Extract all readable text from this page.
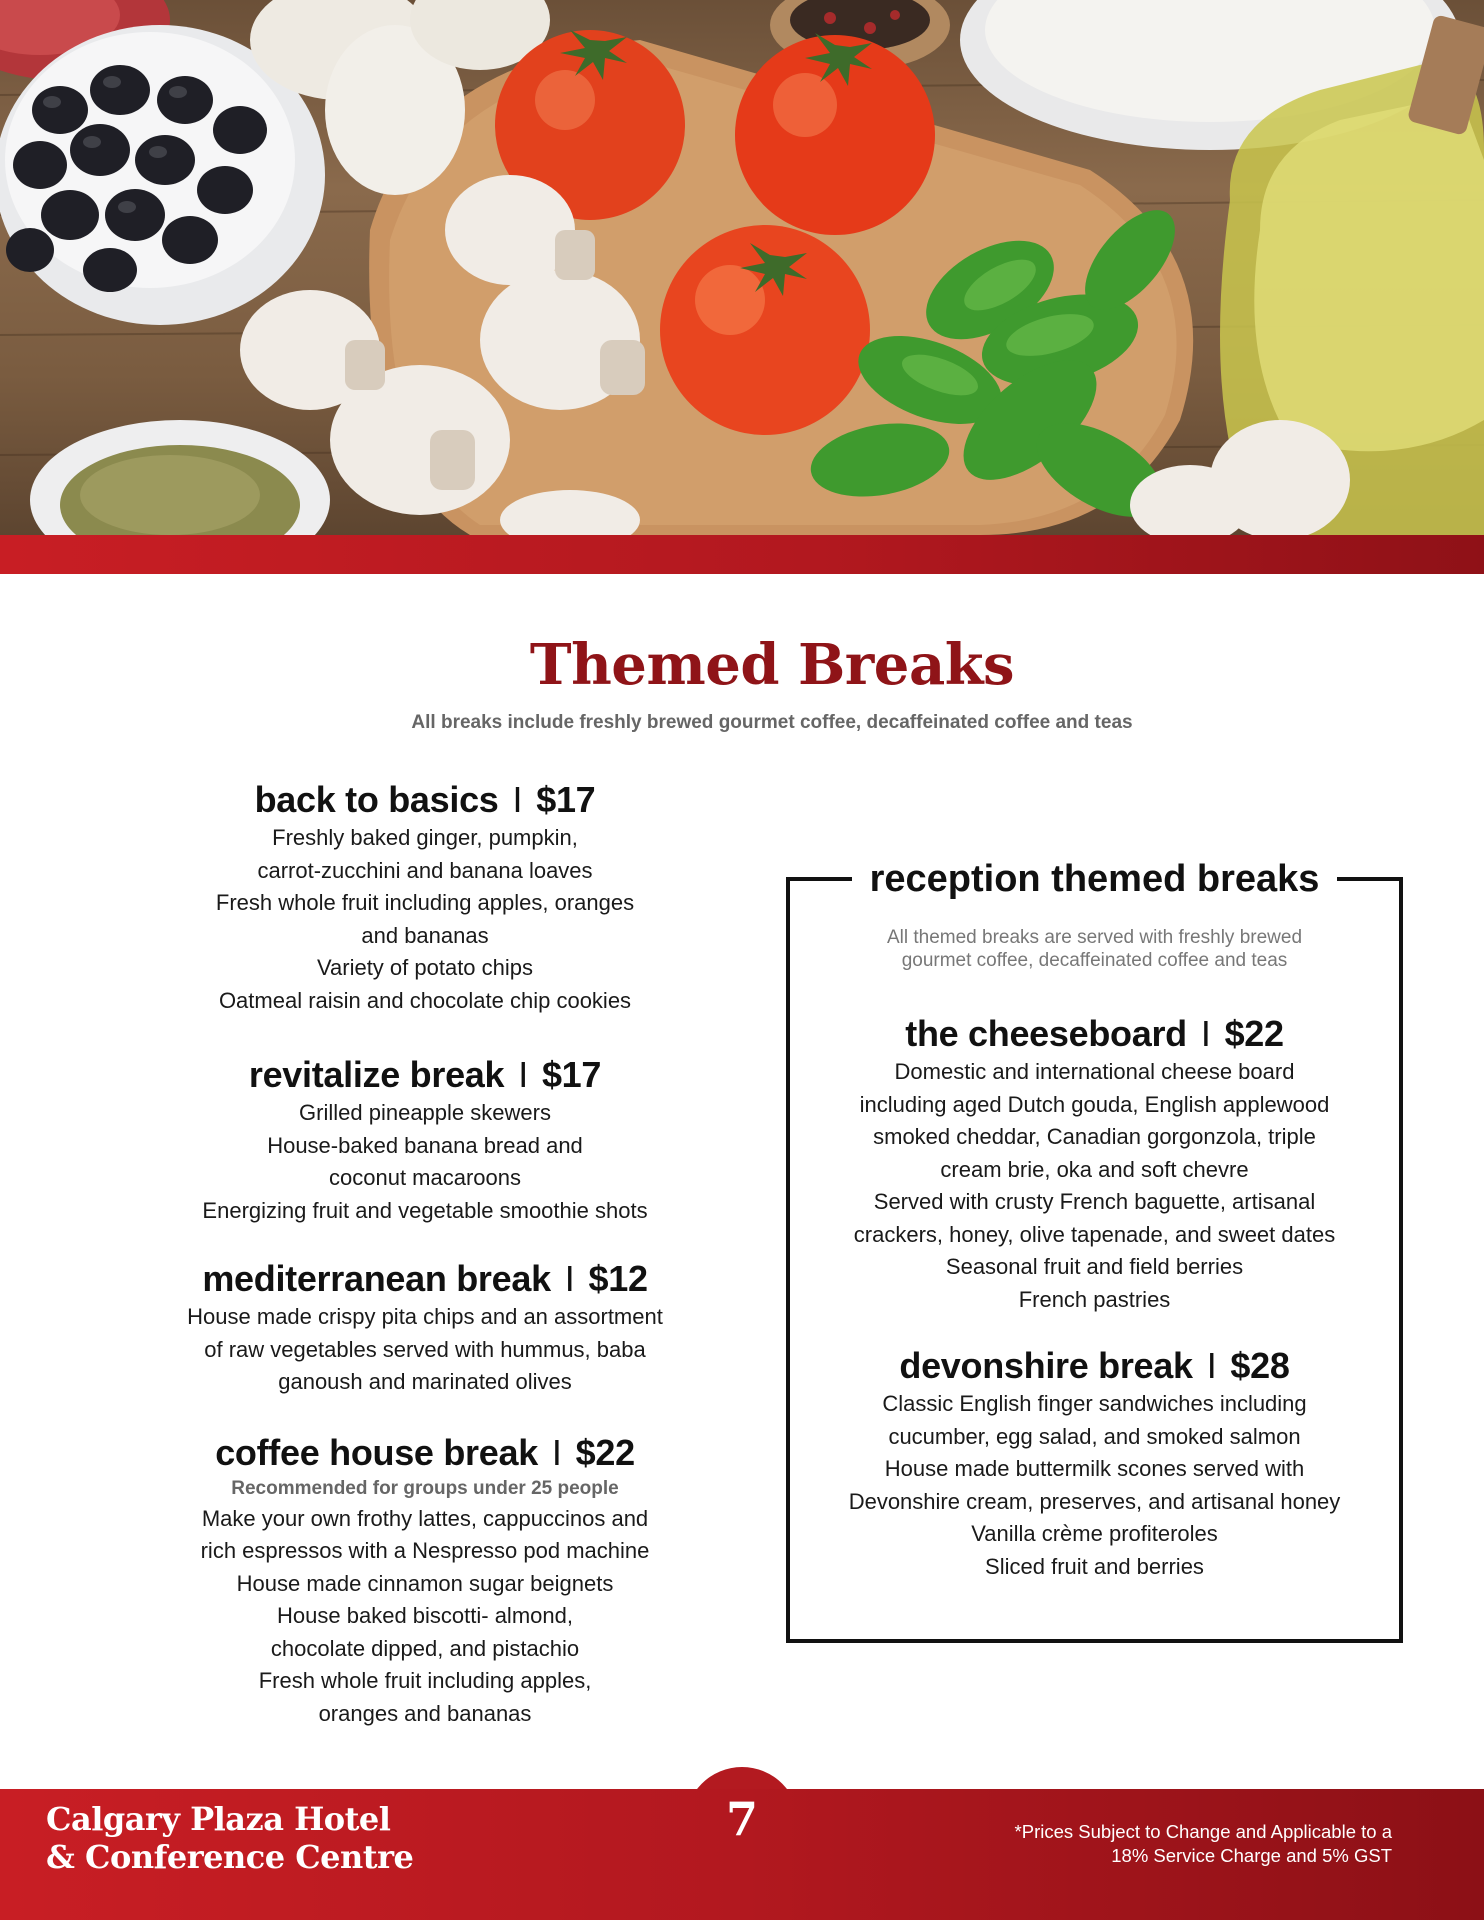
Themed Breaks

All breaks include freshly brewed gourmet coffee, decaffeinated coffee and teas

back to basics I $17
Freshly baked ginger, pumpkin,
carrot-zucchini and banana loaves
Fresh whole fruit including apples, oranges
and bananas
Variety of potato chips
Oatmeal raisin and chocolate chip cookies
revitalize break I $17
Grilled pineapple skewers
House-baked banana bread and
coconut macaroons
Energizing fruit and vegetable smoothie shots
mediterranean break I $12
House made crispy pita chips and an assortment
of raw vegetables served with hummus, baba
ganoush and marinated olives
coffee house break I $22
Recommended for groups under 25 people
Make your own frothy lattes, cappuccinos and
rich espressos with a Nespresso pod machine
House made cinnamon sugar beignets
House baked biscotti- almond,
chocolate dipped, and pistachio
Fresh whole fruit including apples,
oranges and bananas
reception themed breaks
All themed breaks are served with freshly brewed gourmet coffee, decaffeinated coffee and teas
the cheeseboard I $22
Domestic and international cheese board
including aged Dutch gouda, English applewood
smoked cheddar, Canadian gorgonzola, triple
cream brie, oka and soft chevre
Served with crusty French baguette, artisanal
crackers, honey, olive tapenade, and sweet dates
Seasonal fruit and field berries
French pastries
devonshire break I $28
Classic English finger sandwiches including
cucumber, egg salad, and smoked salmon
House made buttermilk scones served with
Devonshire cream, preserves, and artisanal honey
Vanilla crème profiteroles
Sliced fruit and berries
7
Calgary Plaza Hotel
& Conference Centre
*Prices Subject to Change and Applicable to a
18% Service Charge and 5% GST
